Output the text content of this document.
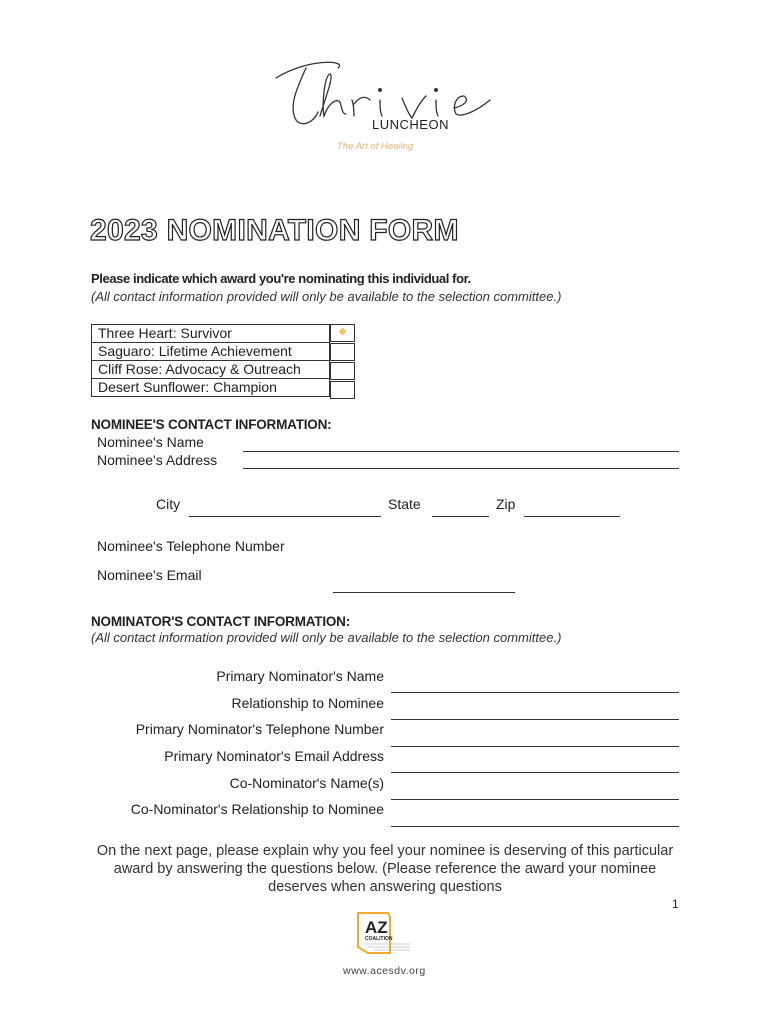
LUNCHEON
The Art of Healing
2023 NOMINATION FORM
Please indicate which award you're nominating this individual for.
(All contact information provided will only be available to the selection committee.)
Three Heart: Survivor
Saguaro: Lifetime Achievement
Cliff Rose: Advocacy & Outreach
Desert Sunflower: Champion
NOMINEE'S CONTACT INFORMATION:
Nominee's Name
Nominee's Address
City	State	Zip
Nominee's Telephone Number
Nominee's Email
NOMINATOR'S CONTACT INFORMATION:
(All contact information provided will only be available to the selection committee.)
Primary Nominator's Name
Relationship to Nominee
Primary Nominator's Telephone Number
Primary Nominator's Email Address
Co-Nominator's Name(s)
Co-Nominator's Relationship to Nominee
On the next page, please explain why you feel your nominee is deserving of this particular award by answering the questions below. (Please reference the award your nominee deserves when answering questions
1
AZ
COALITION
www.acesdv.org
